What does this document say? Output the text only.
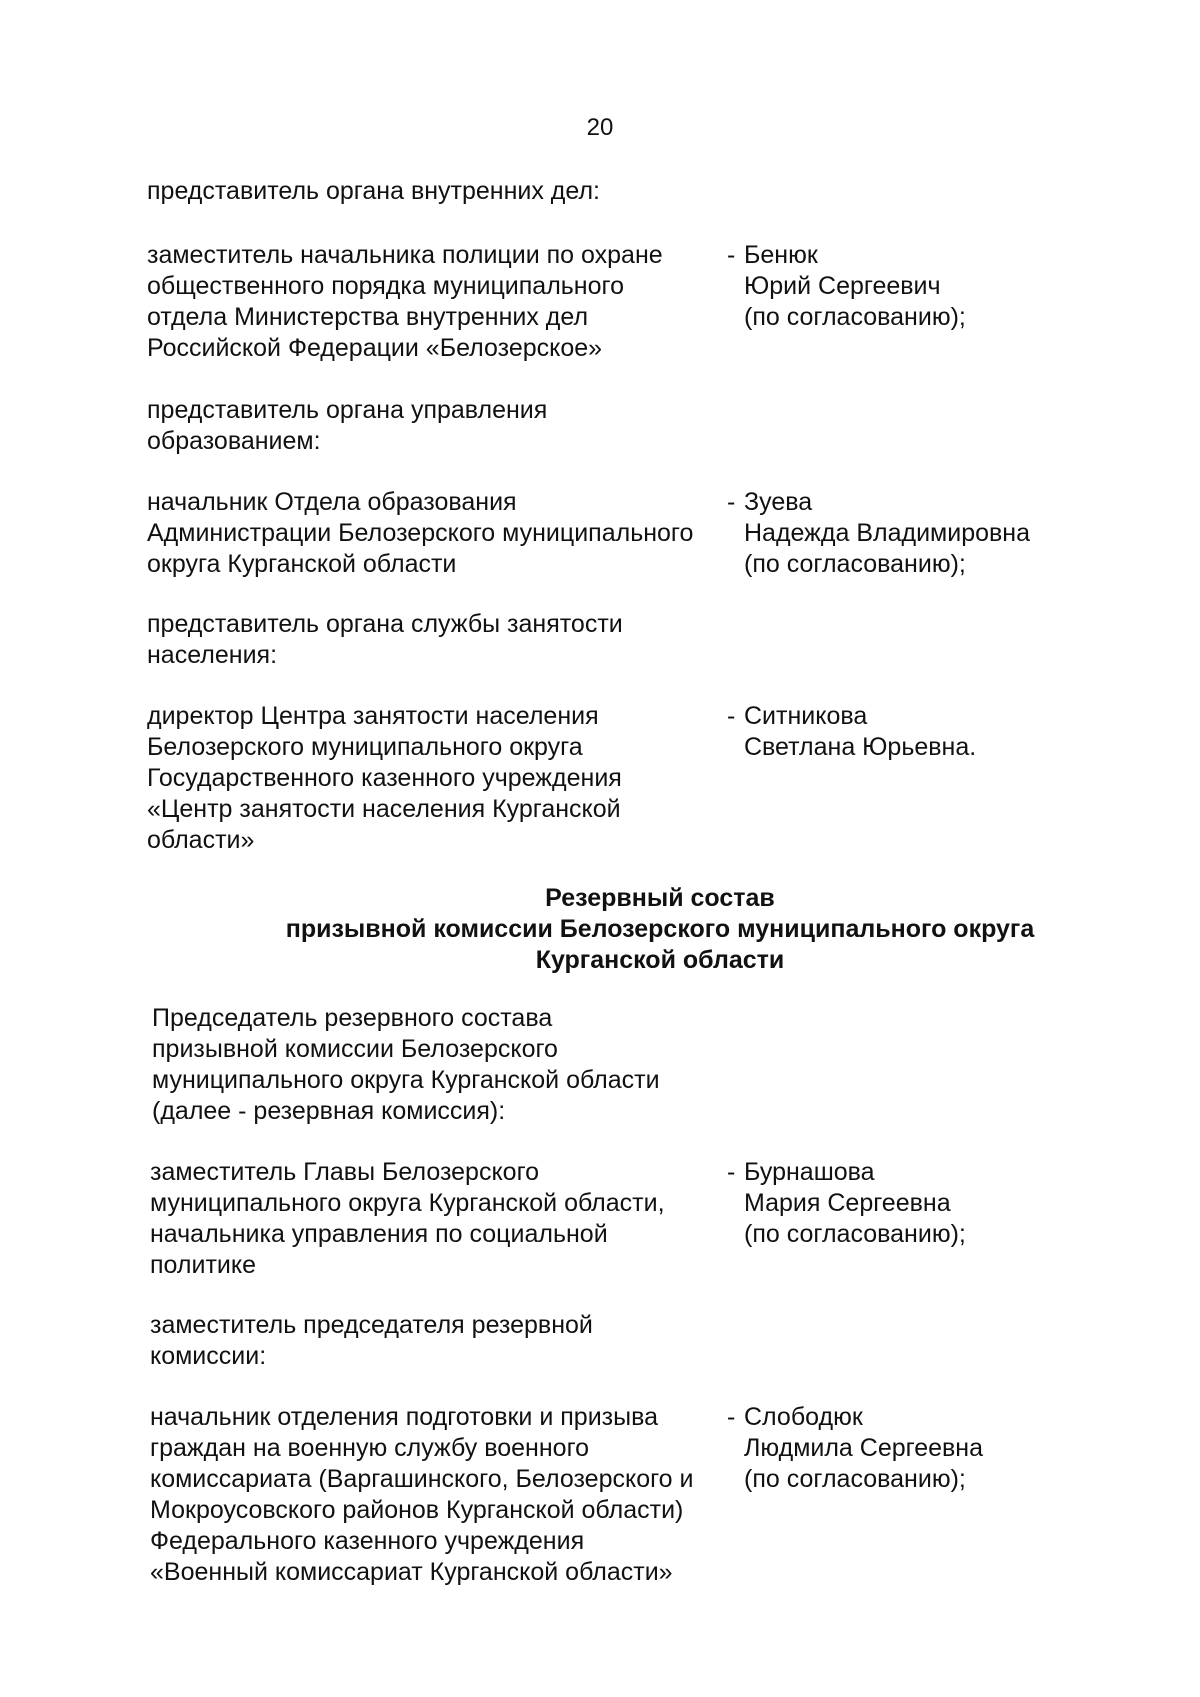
20
представитель органа внутренних дел:
заместитель начальника полиции по охране
общественного порядка муниципального
отдела Министерства внутренних дел
Российской Федерации «Белозерское»
- Бенюк
Юрий Сергеевич
(по согласованию);
представитель органа управления
образованием:
начальник Отдела образования
Администрации Белозерского муниципального
округа Курганской области
- Зуева
Надежда Владимировна
(по согласованию);
представитель органа службы занятости
населения:
директор Центра занятости населения
Белозерского муниципального округа
Государственного казенного учреждения
«Центр занятости населения Курганской
области»
- Ситникова
Светлана Юрьевна.
Резервный состав
призывной комиссии Белозерского муниципального округа
Курганской области
Председатель резервного состава
призывной комиссии Белозерского
муниципального округа Курганской области
(далее - резервная комиссия):
заместитель Главы Белозерского
муниципального округа Курганской области,
начальника управления по социальной
политике
- Бурнашова
Мария Сергеевна
(по согласованию);
заместитель председателя резервной
комиссии:
начальник отделения подготовки и призыва
граждан на военную службу военного
комиссариата (Варгашинского, Белозерского и
Мокроусовского районов Курганской области)
Федерального казенного учреждения
«Военный комиссариат Курганской области»
- Слободюк
Людмила Сергеевна
(по согласованию);
